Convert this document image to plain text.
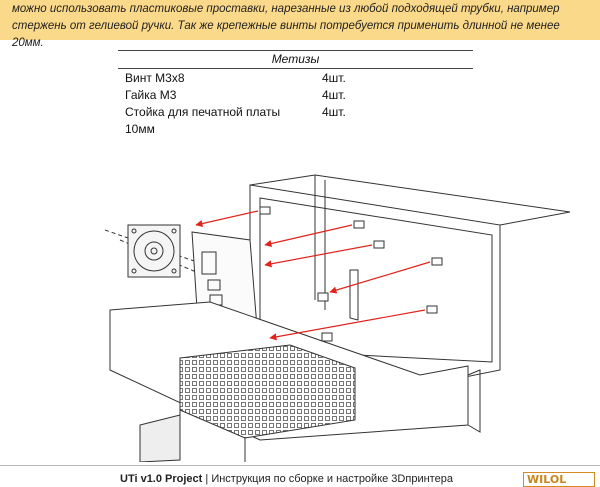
можно использовать пластиковые проставки, нарезанные из любой подходящей трубки, например

стержень от гелиевой ручки. Так же крепежные винты потребуется применить длинной не менее 20мм.

Метизы
Винт М3х8	4шт.
Гайка М3	4шт.
Стойка для печатной платы	4шт.
10мм
UTi v1.0 Project | Инструкция по сборке и настройке 3Dпринтера	WILOL
